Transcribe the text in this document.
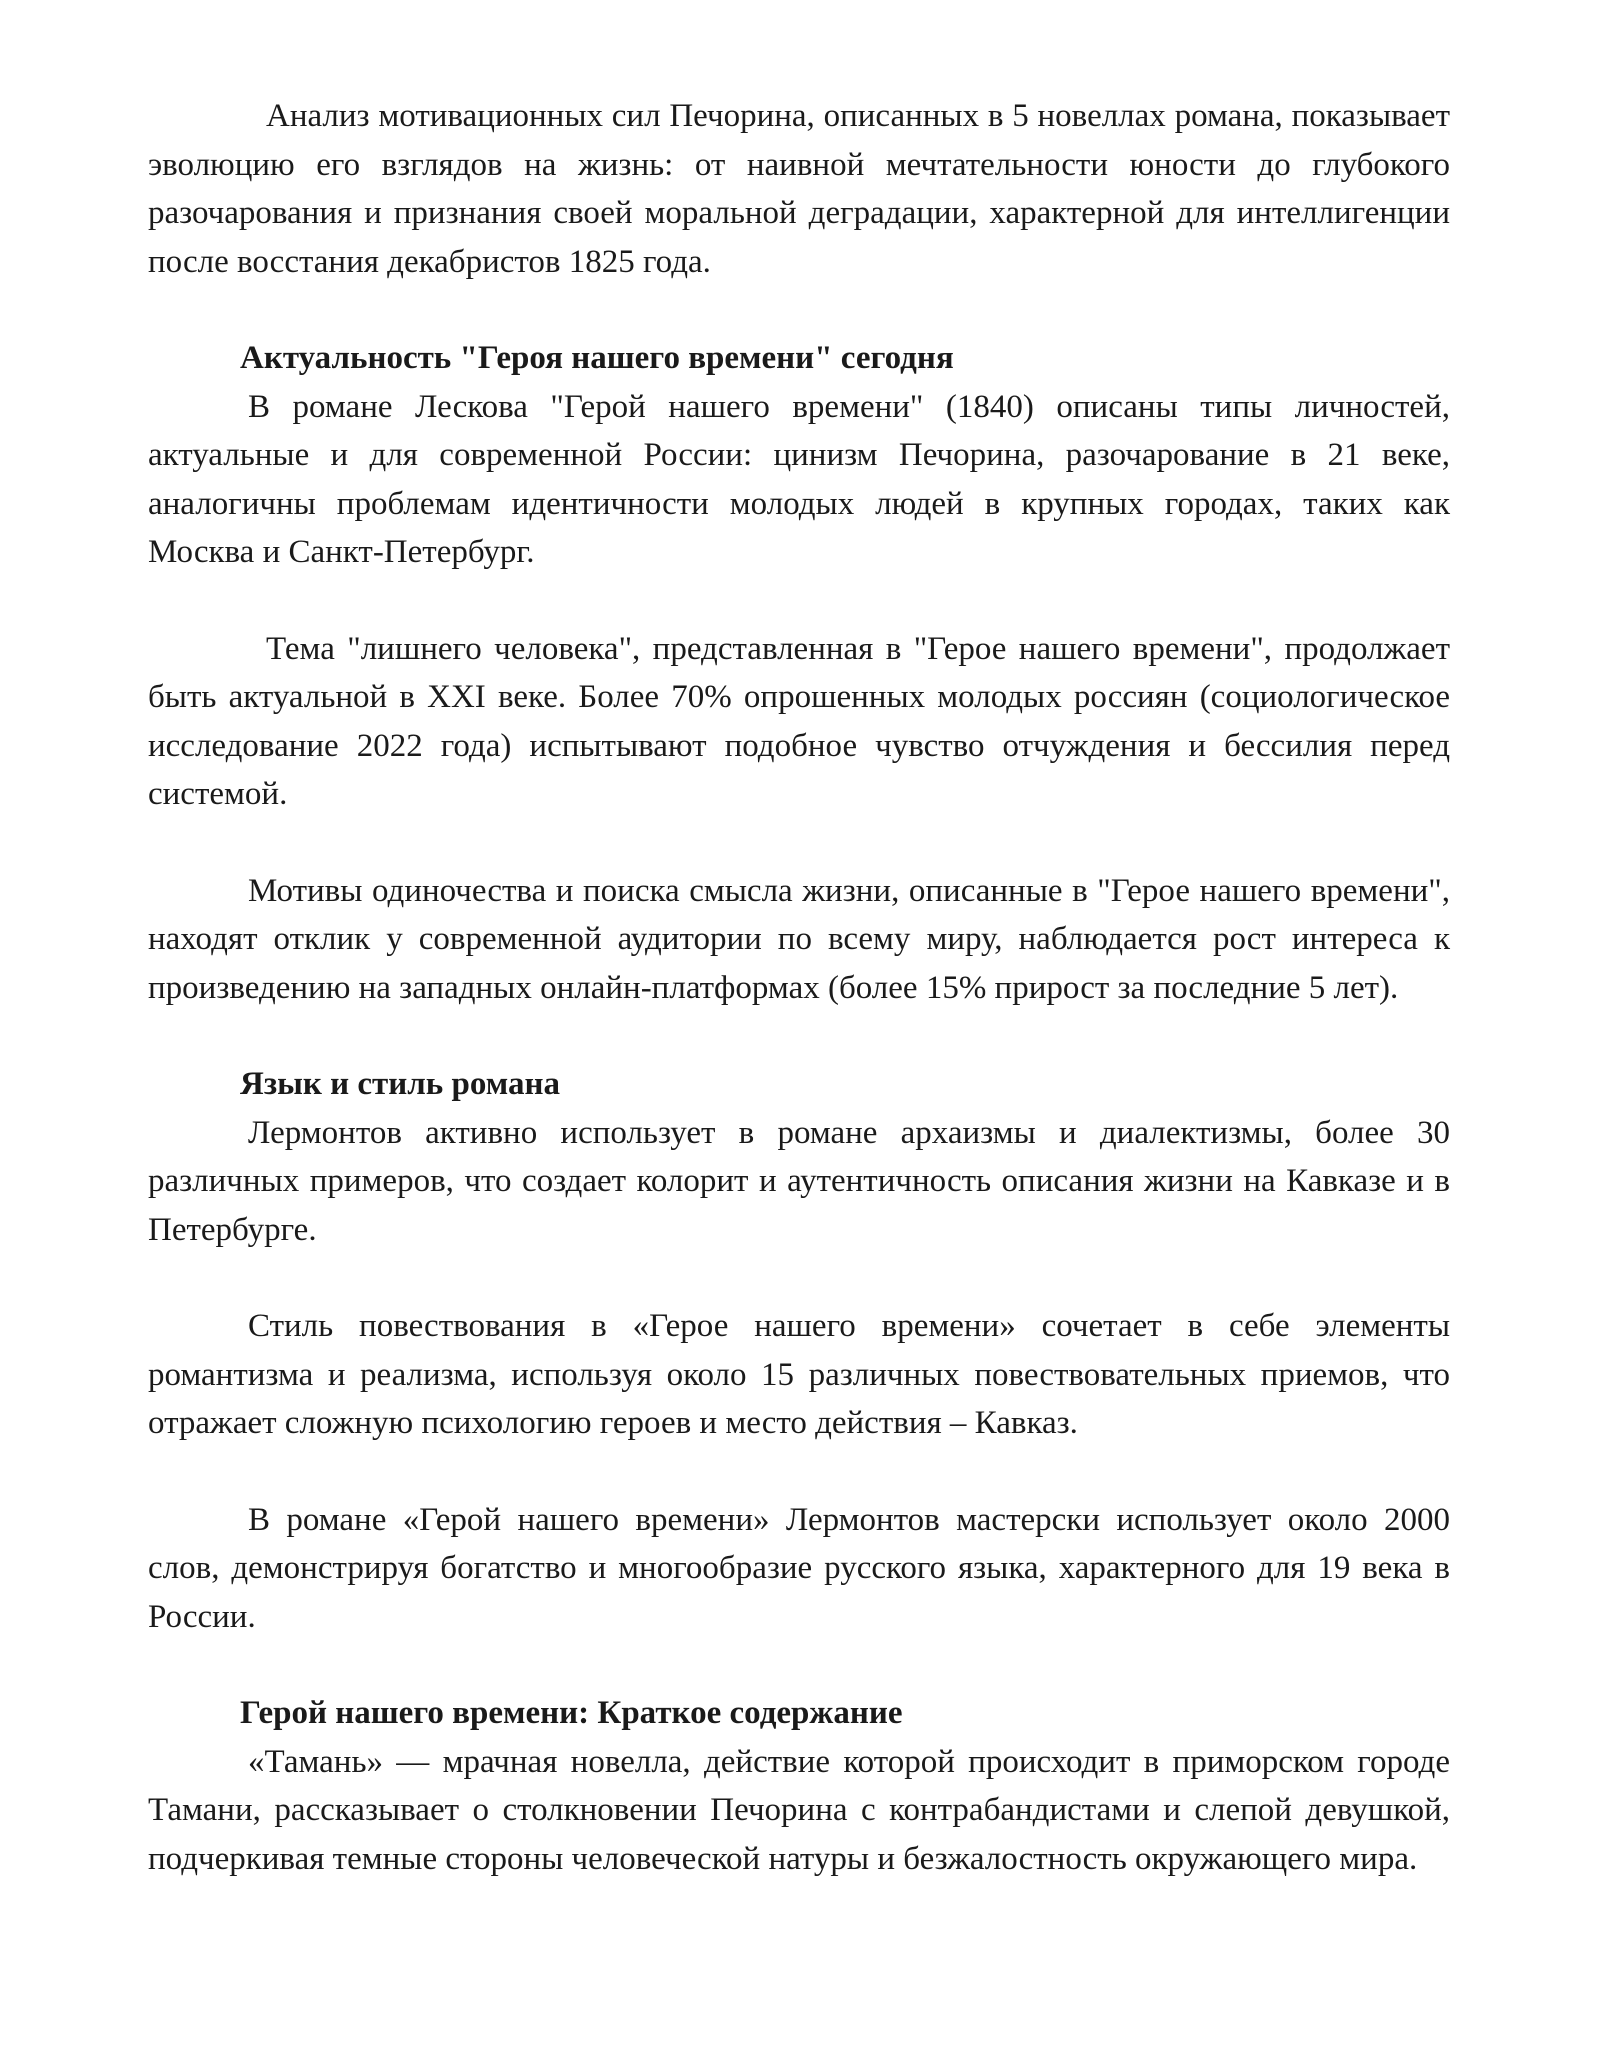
Анализ мотивационных сил Печорина, описанных в 5 новеллах романа, показывает эволюцию его взглядов на жизнь: от наивной мечтательности юности до глубокого разочарования и признания своей моральной деградации, характерной для интеллигенции после восстания декабристов 1825 года.

Актуальность "Героя нашего времени" сегодня

В романе Лескова "Герой нашего времени" (1840) описаны типы личностей, актуальные и для современной России: цинизм Печорина, разочарование в 21 веке, аналогичны проблемам идентичности молодых людей в крупных городах, таких как Москва и Санкт-Петербург.

Тема "лишнего человека", представленная в "Герое нашего времени", продолжает быть актуальной в XXI веке. Более 70% опрошенных молодых россиян (социологическое исследование 2022 года) испытывают подобное чувство отчуждения и бессилия перед системой.

Мотивы одиночества и поиска смысла жизни, описанные в "Герое нашего времени", находят отклик у современной аудитории по всему миру, наблюдается рост интереса к произведению на западных онлайн-платформах (более 15% прирост за последние 5 лет).

Язык и стиль романа

Лермонтов активно использует в романе архаизмы и диалектизмы, более 30 различных примеров, что создает колорит и аутентичность описания жизни на Кавказе и в Петербурге.

Стиль повествования в «Герое нашего времени» сочетает в себе элементы романтизма и реализма, используя около 15 различных повествовательных приемов, что отражает сложную психологию героев и место действия – Кавказ.

В романе «Герой нашего времени» Лермонтов мастерски использует около 2000 слов, демонстрируя богатство и многообразие русского языка, характерного для 19 века в России.

Герой нашего времени: Краткое содержание

«Тамань» — мрачная новелла, действие которой происходит в приморском городе Тамани, рассказывает о столкновении Печорина с контрабандистами и слепой девушкой, подчеркивая темные стороны человеческой натуры и безжалостность окружающего мира.
